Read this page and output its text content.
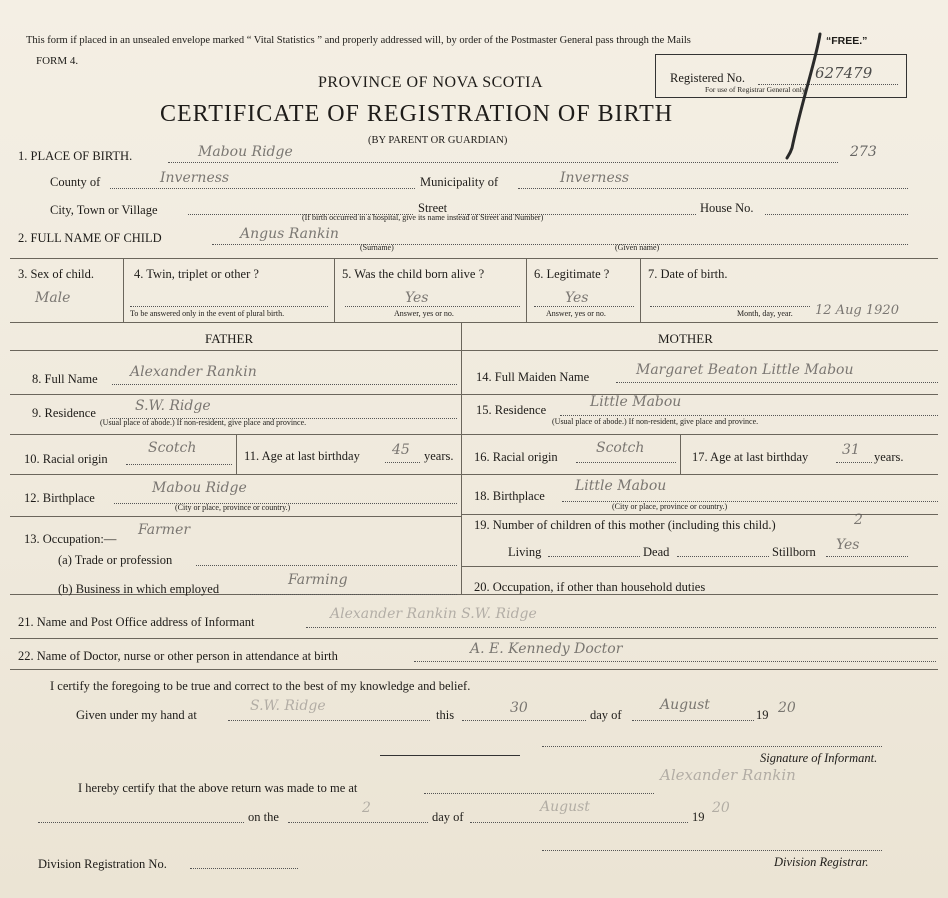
This form if placed in an unsealed envelope marked “ Vital Statistics ” and properly addressed will, by order of the Postmaster General pass through the Mails	“FREE.”
FORM 4.
PROVINCE OF NOVA SCOTIA
CERTIFICATE OF REGISTRATION OF BIRTH
(BY PARENT OR GUARDIAN)
Registered No.	627479
For use of Registrar General only.
1. PLACE OF BIRTH.	Mabou Ridge	273
County of	Inverness	Municipality of	Inverness
City, Town or Village	Street	House No.
(If birth occurred in a hospital, give its name instead of Street and Number)
2. FULL NAME OF CHILD	Angus Rankin
(Surname)	(Given name)
3. Sex of child.
Male
4. Twin, triplet or other ?
To be answered only in the event of plural birth.
5. Was the child born alive ?
Yes
Answer, yes or no.
6. Legitimate ?
Yes
Answer, yes or no.
7. Date of birth.
Month, day, year. 12 Aug 1920
FATHER	MOTHER
8. Full Name Alexander Rankin
9. Residence	S.W. Ridge
(Usual place of abode.) If non-resident, give place and province.
10. Racial origin
Scotch	11. Age at last birthday 45 years.
12. Birthplace
Mabou Ridge
(City or place, province or country.)
13. Occupation:—
Farmer
(a) Trade or profession
(b) Business in which employed
Farming
14. Full Maiden Name	Margaret Beaton Little Mabou
15. Residence	Little Mabou
(Usual place of abode.) If non-resident, give place and province.
16. Racial origin
Scotch
17. Age at last birthday 31 years.
18. Birthplace
Little Mabou
(City or place, province or country.)
19. Number of children of this mother (including this child.)	2
Living	Dead	Stillborn Yes
20. Occupation, if other than household duties
21. Name and Post Office address of Informant	Alexander Rankin S.W. Ridge
22. Name of Doctor, nurse or other person in attendance at birth	A. E. Kennedy Doctor
I certify the foregoing to be true and correct to the best of my knowledge and belief.
Given under my hand at
S.W. Ridge
this	30	day of
August
19 20
Signature of Informant.
Alexander Rankin
I hereby certify that the above return was made to me at
on the
2
day of
August
19
20
Division Registration No.	Division Registrar.
